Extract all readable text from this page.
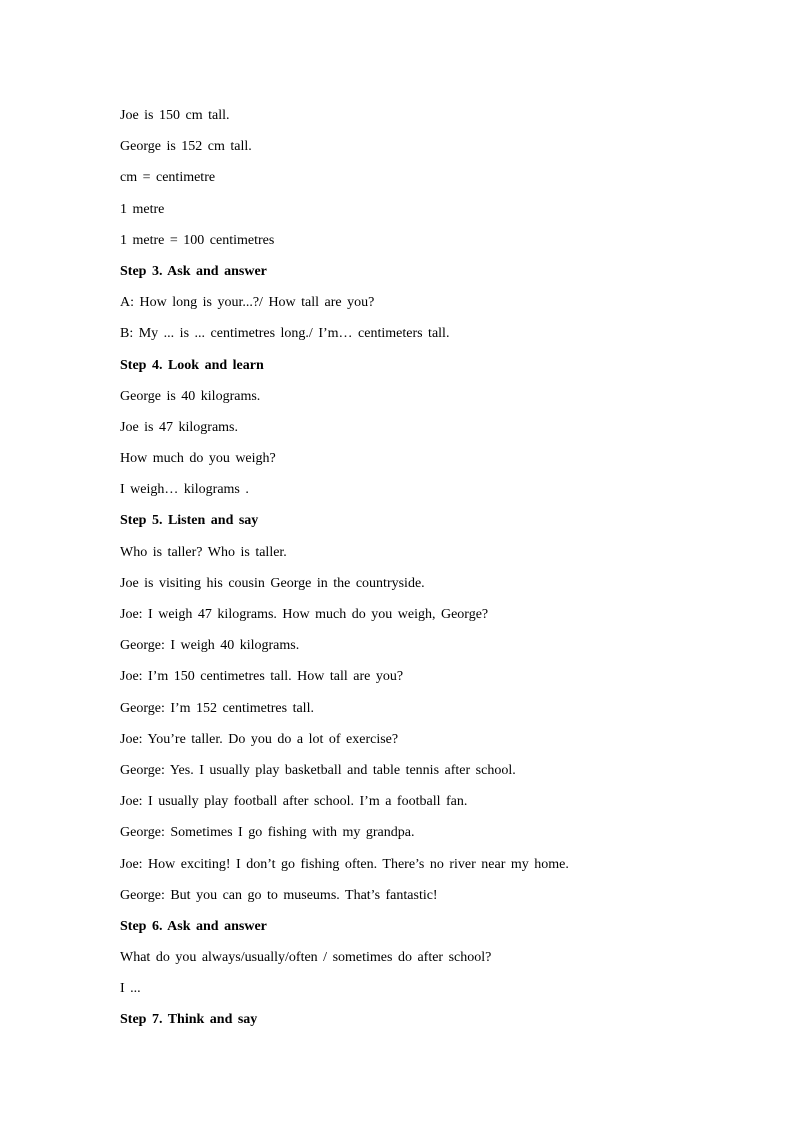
Joe is 150 cm tall.
George is 152 cm tall.
cm = centimetre
1 metre
1 metre = 100 centimetres
Step 3. Ask and answer
A: How long is your...?/ How tall are you?
B: My ... is ... centimetres long./ I’m… centimeters tall.
Step 4. Look and learn
George is 40 kilograms.
Joe is 47 kilograms.
How much do you weigh?
I weigh… kilograms .
Step 5. Listen and say
Who is taller? Who is taller.
Joe is visiting his cousin George in the countryside.
Joe: I weigh 47 kilograms. How much do you weigh, George?
George: I weigh 40 kilograms.
Joe: I’m 150 centimetres tall. How tall are you?
George: I’m 152 centimetres tall.
Joe: You’re taller. Do you do a lot of exercise?
George: Yes. I usually play basketball and table tennis after school.
Joe: I usually play football after school. I’m a football fan.
George: Sometimes I go fishing with my grandpa.
Joe: How exciting! I don’t go fishing often. There’s no river near my home.
George: But you can go to museums. That’s fantastic!
Step 6. Ask and answer
What do you always/usually/often / sometimes do after school?
I ...
Step 7. Think and say
